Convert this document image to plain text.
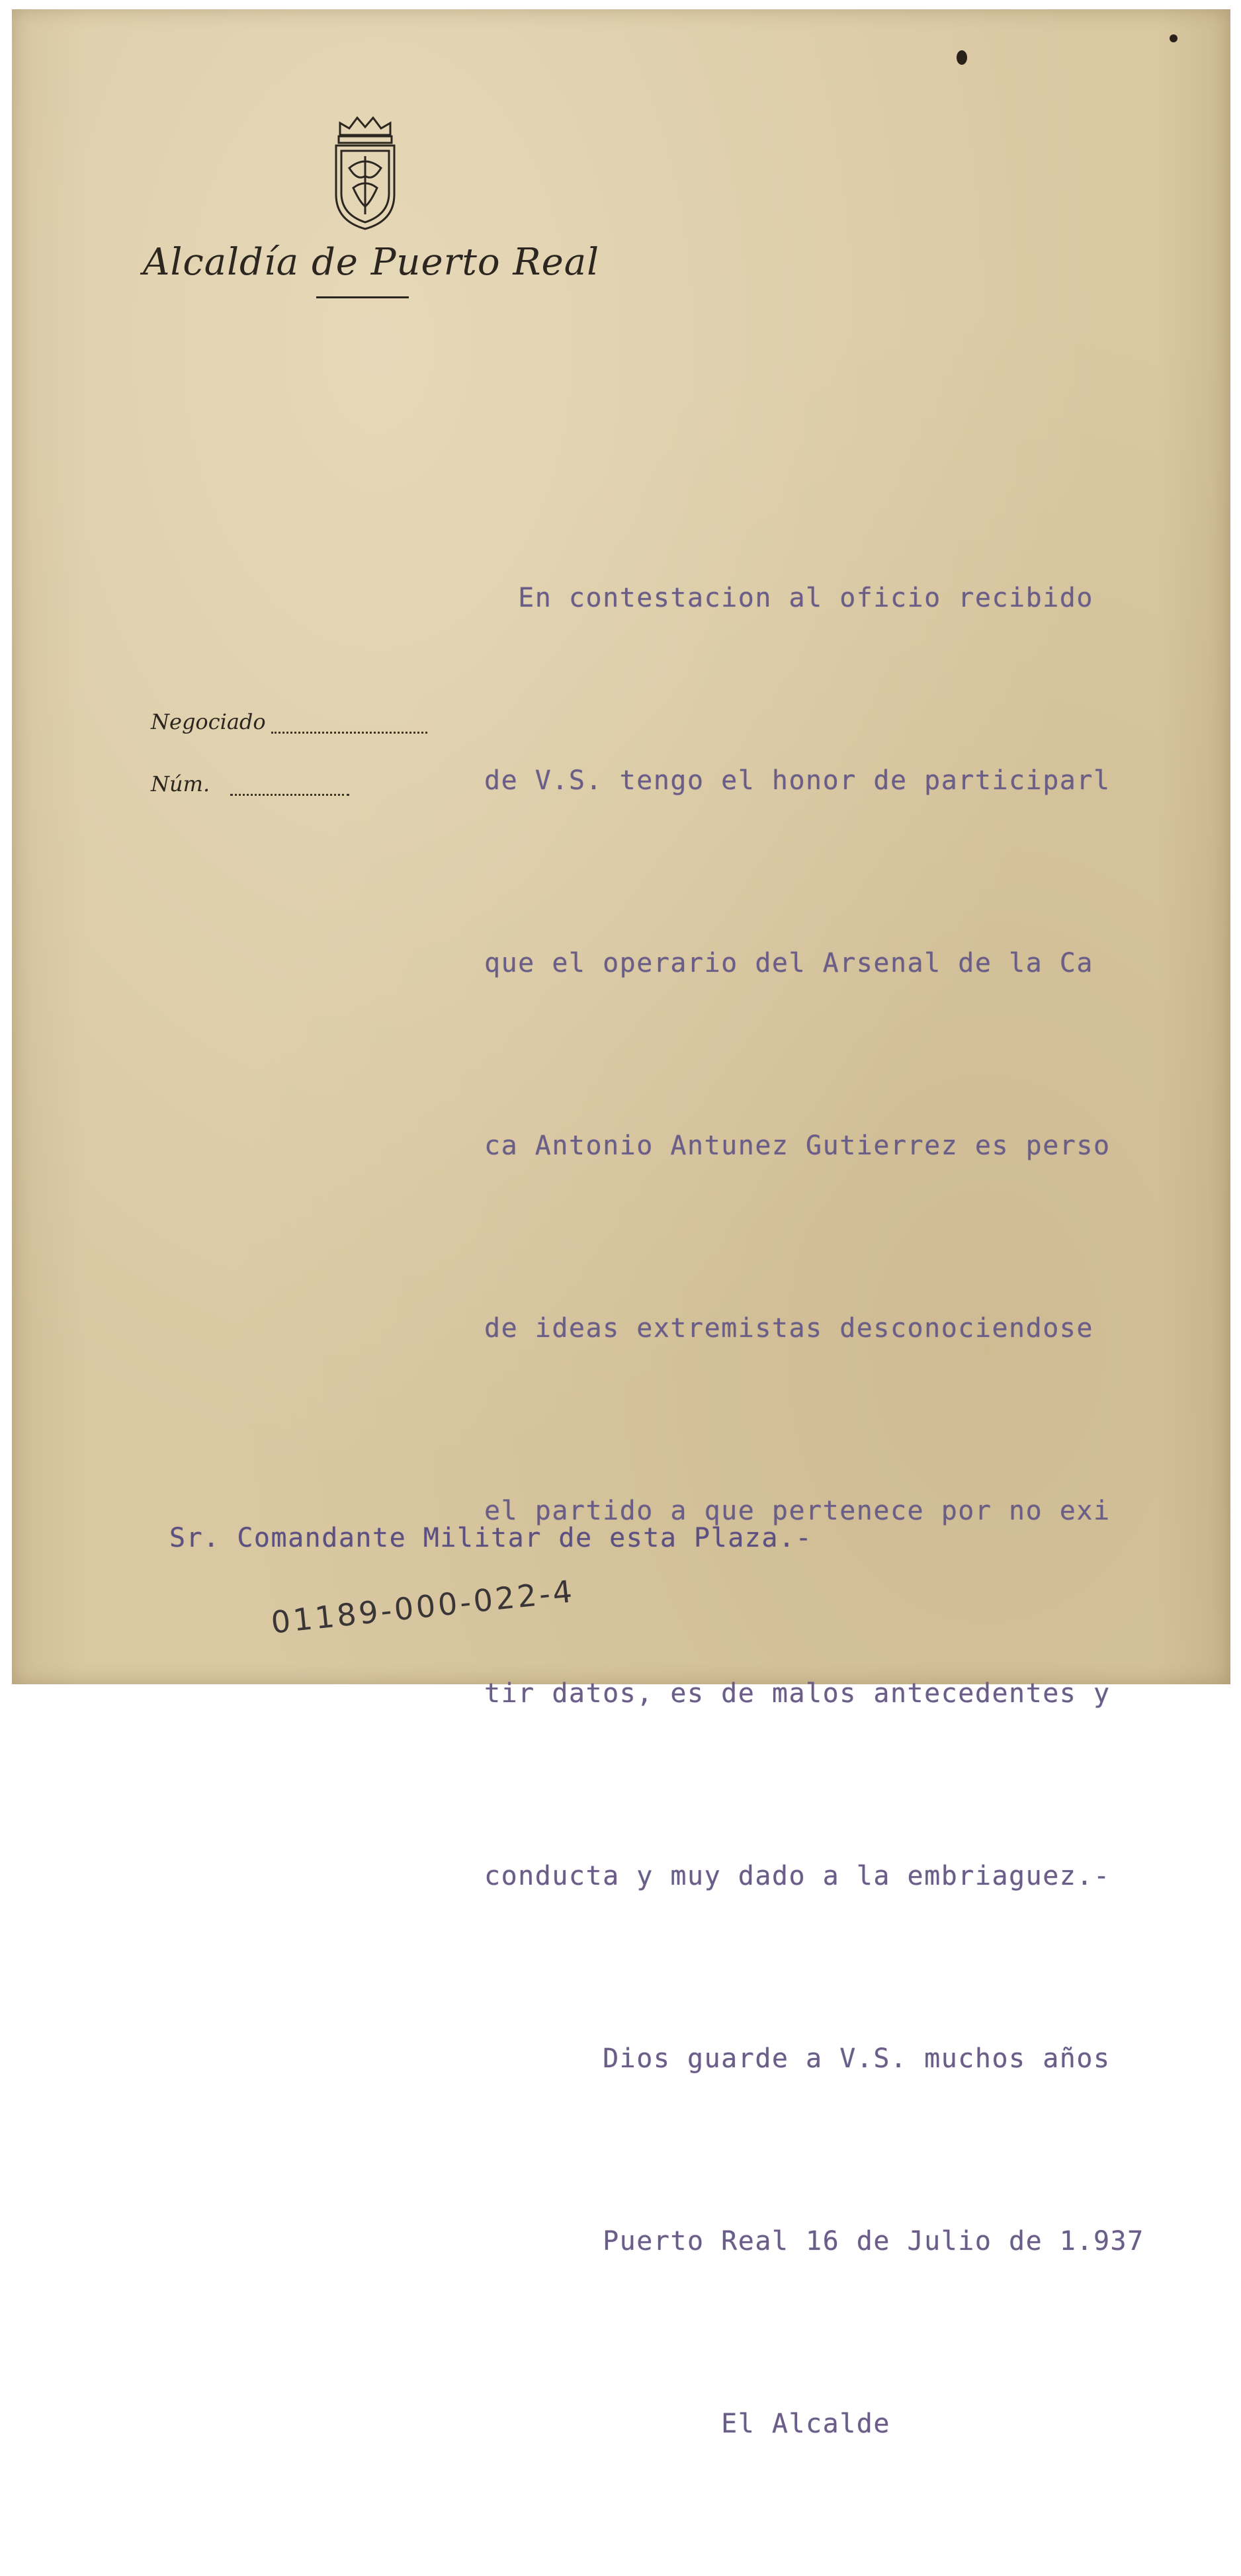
Alcaldía de Puerto Real
Negociado
Núm.

En contestacion al oficio recibido

de V.S. tengo el honor de participarl

que el operario del Arsenal de la Ca

ca Antonio Antunez Gutierrez es perso

de ideas extremistas desconociendose

el partido a que pertenece por no exi

tir datos, es de malos antecedentes y

conducta y muy dado a la embriaguez.-

Dios guarde a V.S. muchos años

Puerto Real 16 de Julio de 1.937

El Alcalde

Sr. Comandante Militar de esta Plaza.-
01189-000-022-4
